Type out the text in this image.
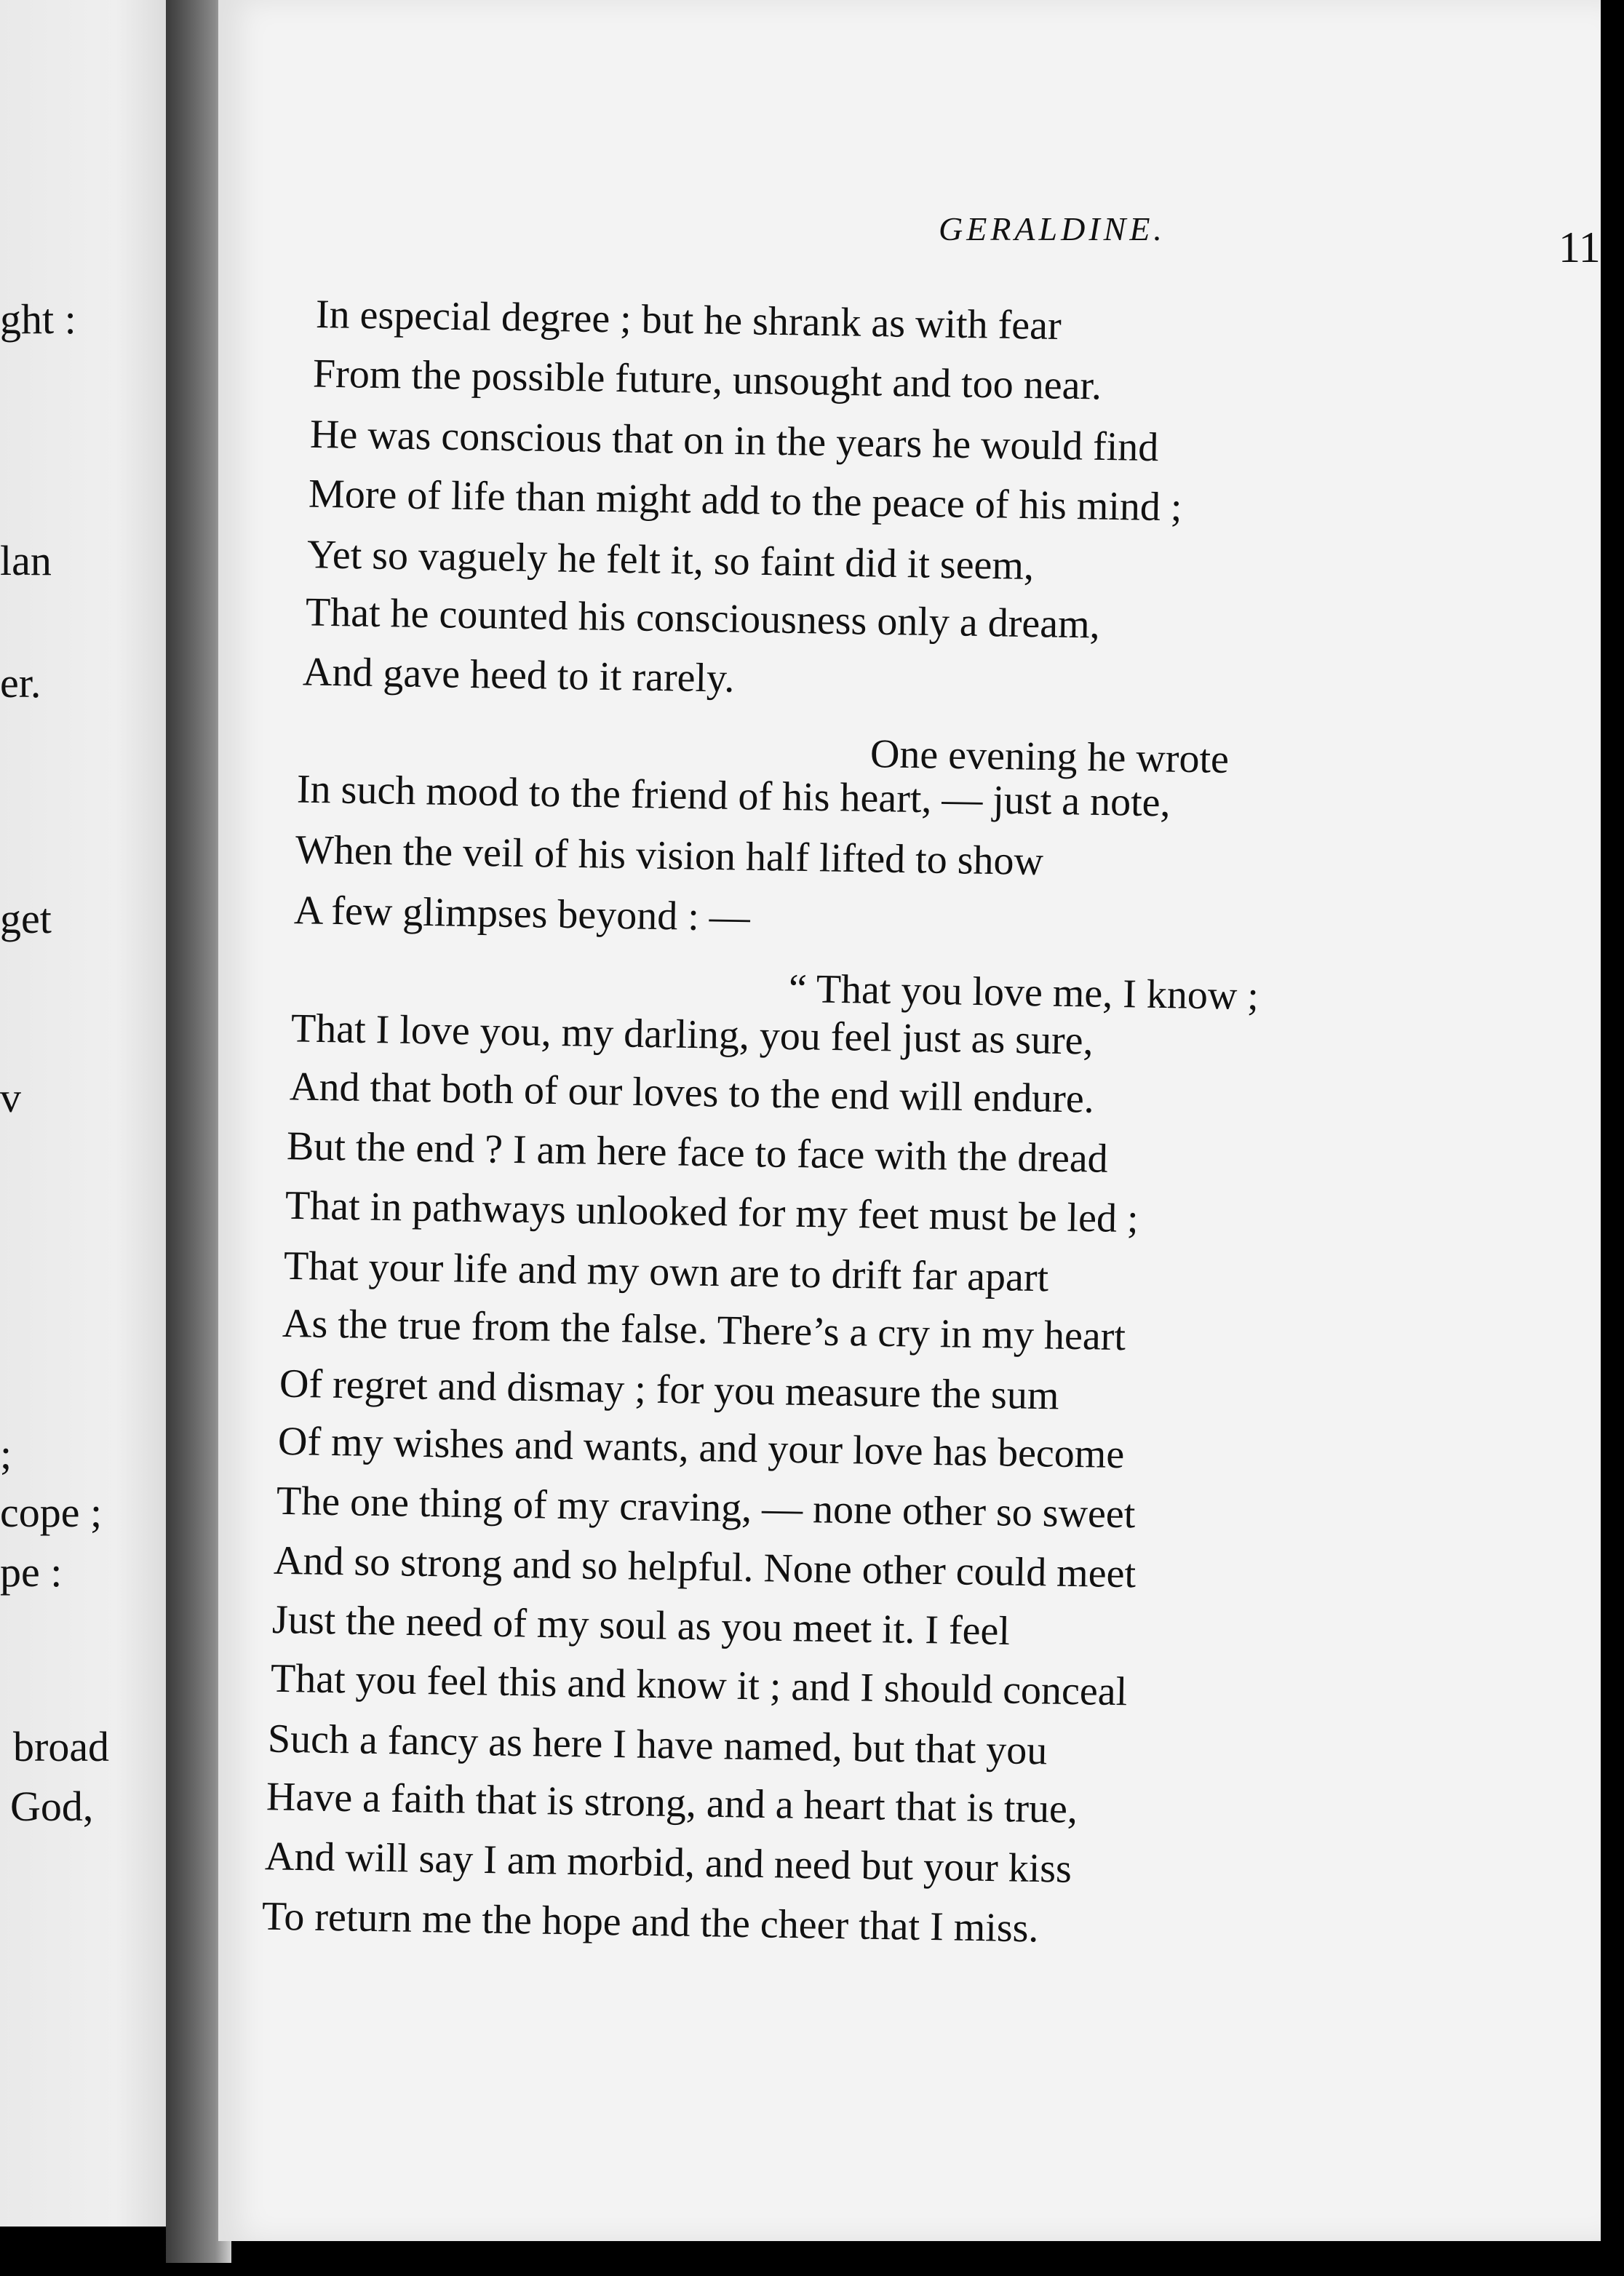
ght :
lan
er.
get
v
;
cope ;
pe :
broad
God,
GERALDINE.	11
In especial degree ; but he shrank as with fear
From the possible future, unsought and too near.
He was conscious that on in the years he would find
More of life than might add to the peace of his mind ;
Yet so vaguely he felt it, so faint did it seem,
That he counted his consciousness only a dream,
And gave heed to it rarely.
One evening he wrote
In such mood to the friend of his heart, — just a note,
When the veil of his vision half lifted to show
A few glimpses beyond : —
“ That you love me, I know ;
That I love you, my darling, you feel just as sure,
And that both of our loves to the end will endure.
But the end ? I am here face to face with the dread
That in pathways unlooked for my feet must be led ;
That your life and my own are to drift far apart
As the true from the false. There’s a cry in my heart
Of regret and dismay ; for you measure the sum
Of my wishes and wants, and your love has become
The one thing of my craving, — none other so sweet
And so strong and so helpful. None other could meet
Just the need of my soul as you meet it. I feel
That you feel this and know it ; and I should conceal
Such a fancy as here I have named, but that you
Have a faith that is strong, and a heart that is true,
And will say I am morbid, and need but your kiss
To return me the hope and the cheer that I miss.
